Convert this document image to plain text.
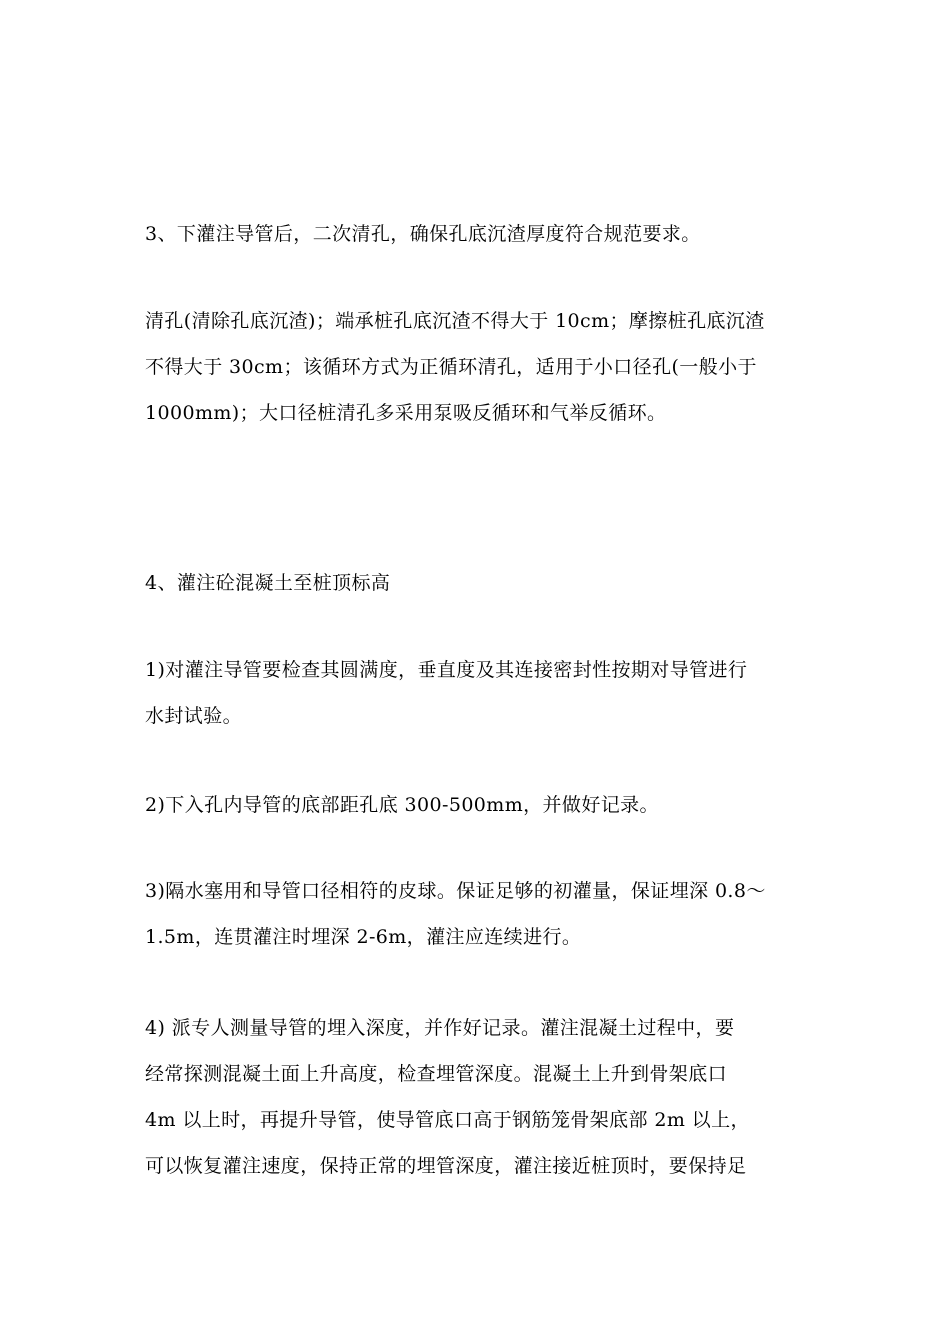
3、下灌注导管后，二次清孔，确保孔底沉渣厚度符合规范要求。

清孔(清除孔底沉渣)；端承桩孔底沉渣不得大于 10cm；摩擦桩孔底沉渣
不得大于 30cm；该循环方式为正循环清孔，适用于小口径孔(一般小于
1000mm)；大口径桩清孔多采用泵吸反循环和气举反循环。

4、灌注砼混凝土至桩顶标高

1)对灌注导管要检查其圆满度，垂直度及其连接密封性按期对导管进行
水封试验。

2)下入孔内导管的底部距孔底 300-500mm，并做好记录。

3)隔水塞用和导管口径相符的皮球。保证足够的初灌量，保证埋深 0.8～
1.5m，连贯灌注时埋深 2-6m，灌注应连续进行。

4) 派专人测量导管的埋入深度，并作好记录。灌注混凝土过程中，要
经常探测混凝土面上升高度，检查埋管深度。混凝土上升到骨架底口
4m 以上时，再提升导管，使导管底口高于钢筋笼骨架底部 2m 以上，
可以恢复灌注速度，保持正常的埋管深度，灌注接近桩顶时，要保持足
